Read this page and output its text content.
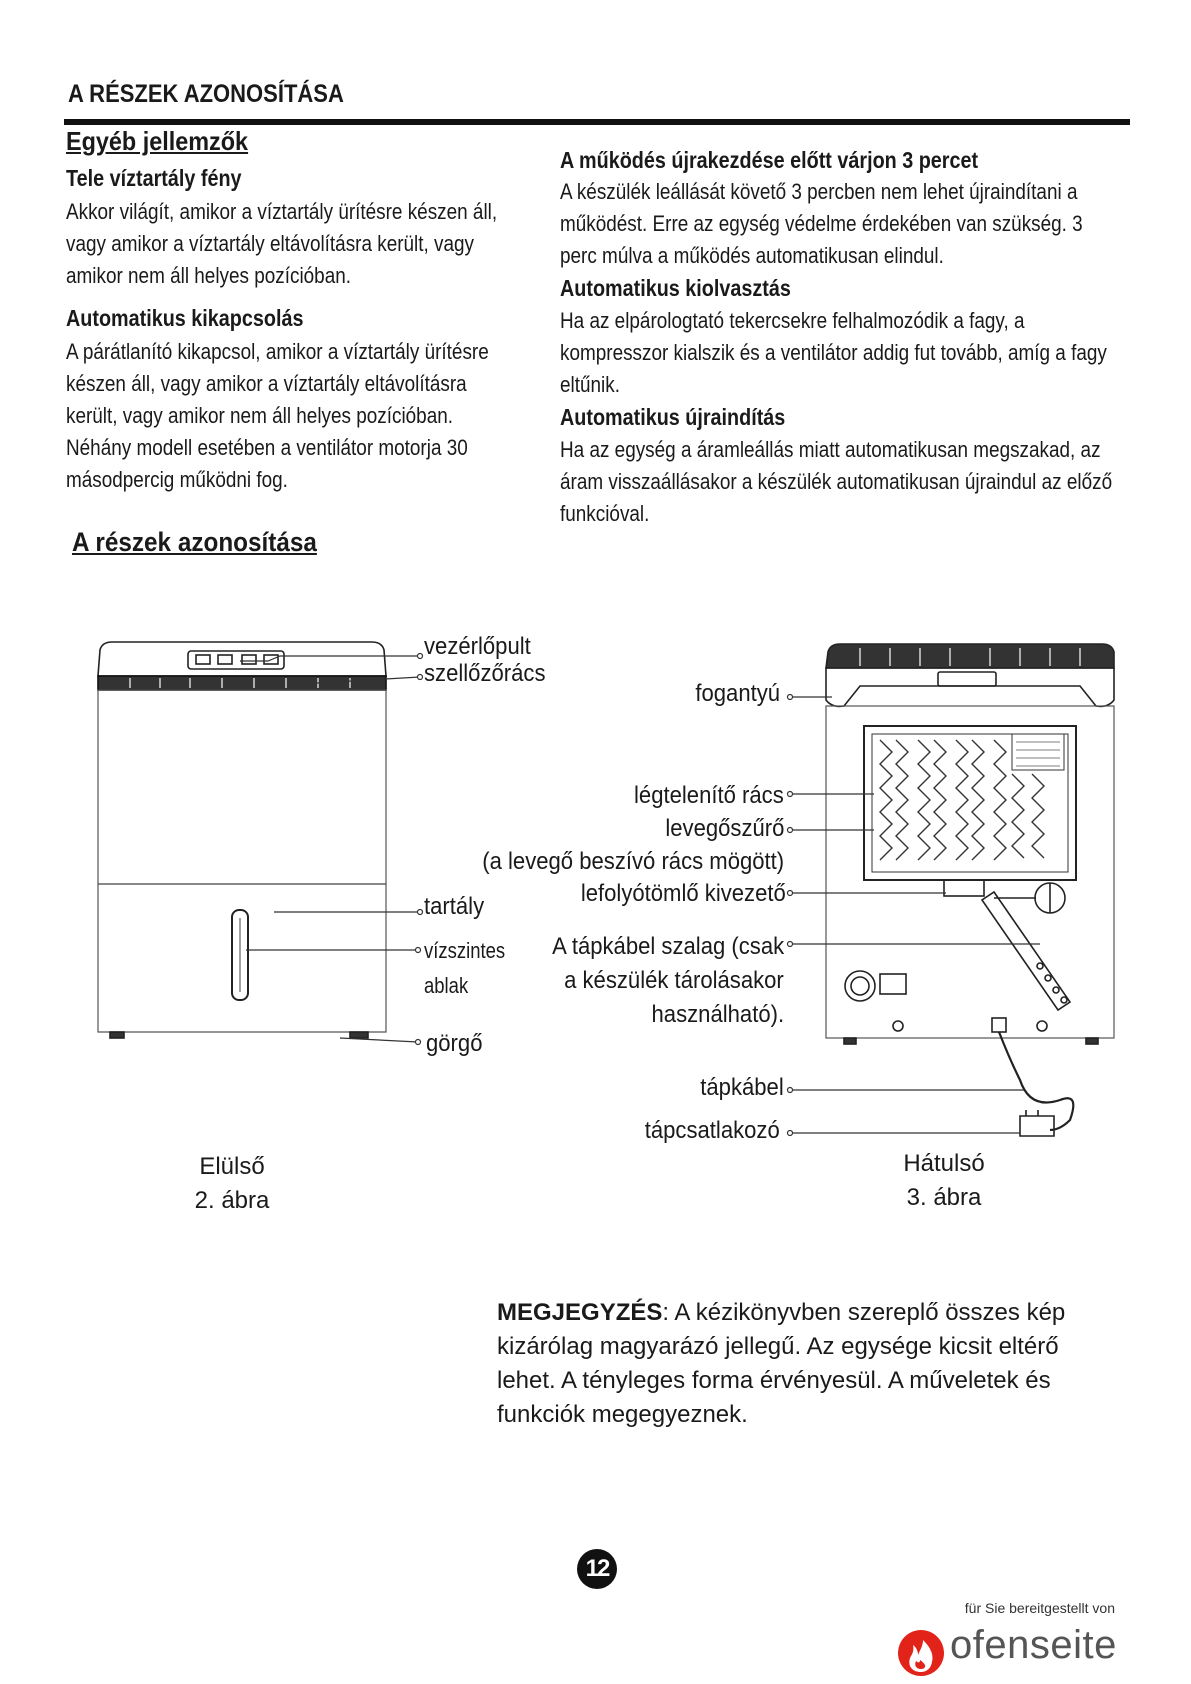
A RÉSZEK AZONOSÍTÁSA
Egyéb jellemzők
Tele víztartály fény
Akkor világít, amikor a víztartály ürítésre készen áll,
vagy amikor a víztartály eltávolításra került, vagy
amikor nem áll helyes pozícióban.
Automatikus kikapcsolás
A párátlanító kikapcsol, amikor a víztartály ürítésre
készen áll, vagy amikor a víztartály eltávolításra
került, vagy amikor nem áll helyes pozícióban.
Néhány modell esetében a ventilátor motorja 30
másodpercig működni fog.
A működés újrakezdése előtt várjon 3 percet
A készülék leállását követő 3 percben nem lehet újraindítani a
működést. Erre az egység védelme érdekében van szükség. 3
perc múlva a működés automatikusan elindul.
Automatikus kiolvasztás
Ha az elpárologtató tekercsekre felhalmozódik a fagy, a
kompresszor kialszik és a ventilátor addig fut tovább, amíg a fagy
eltűnik.
Automatikus újraindítás
Ha az egység a áramleállás miatt automatikusan megszakad, az
áram visszaállásakor a készülék automatikusan újraindul az előző
funkcióval.
A részek azonosítása
vezérlőpult
szellőzőrács
tartály
vízszintes
ablak
görgő
fogantyú
légtelenítő rács
levegőszűrő
(a levegő beszívó rács mögött)
lefolyótömlő kivezető
A tápkábel szalag (csak
a készülék tárolásakor
használható).
tápkábel
tápcsatlakozó
Elülső
2. ábra
Hátulsó
3. ábra
MEGJEGYZÉS: A kézikönyvben szereplő összes kép
kizárólag magyarázó jellegű. Az egysége kicsit eltérő
lehet. A tényleges forma érvényesül. A műveletek és
funkciók megegyeznek.
12
für Sie bereitgestellt von
ofenseite
